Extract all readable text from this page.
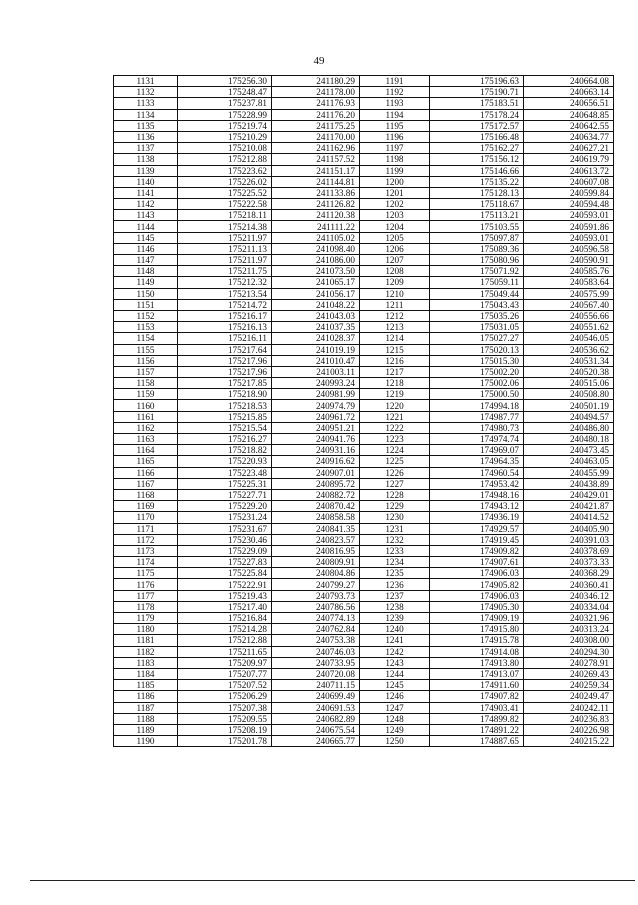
49
1131	175256.30	241180.29	1191	175196.63	240664.08
1132	175248.47	241178.00	1192	175190.71	240663.14
1133	175237.81	241176.93	1193	175183.51	240656.51
1134	175228.99	241176.20	1194	175178.24	240648.85
1135	175219.74	241175.25	1195	175172.57	240642.55
1136	175210.29	241170.00	1196	175166.48	240634.77
1137	175210.08	241162.96	1197	175162.27	240627.21
1138	175212.88	241157.52	1198	175156.12	240619.79
1139	175223.62	241151.17	1199	175146.66	240613.72
1140	175226.02	241144.81	1200	175135.22	240607.08
1141	175225.52	241133.86	1201	175128.13	240599.84
1142	175222.58	241126.82	1202	175118.67	240594.48
1143	175218.11	241120.38	1203	175113.21	240593.01
1144	175214.38	241111.22	1204	175103.55	240591.86
1145	175211.97	241105.02	1205	175097.87	240593.01
1146	175211.13	241098.40	1206	175089.36	240596.58
1147	175211.97	241086.00	1207	175080.96	240590.91
1148	175211.75	241073.50	1208	175071.92	240585.76
1149	175212.32	241065.17	1209	175059.11	240583.64
1150	175213.54	241056.17	1210	175049.44	240575.99
1151	175214.72	241048.22	1211	175043.43	240567.40
1152	175216.17	241043.03	1212	175035.26	240556.66
1153	175216.13	241037.35	1213	175031.05	240551.62
1154	175216.11	241028.37	1214	175027.27	240546.05
1155	175217.64	241019.19	1215	175020.13	240536.62
1156	175217.96	241010.47	1216	175015.30	240531.34
1157	175217.96	241003.11	1217	175002.20	240520.38
1158	175217.85	240993.24	1218	175002.06	240515.06
1159	175218.90	240981.99	1219	175000.50	240508.80
1160	175218.53	240974.79	1220	174994.18	240501.19
1161	175215.85	240961.72	1221	174987.77	240494.57
1162	175215.54	240951.21	1222	174980.73	240486.80
1163	175216.27	240941.76	1223	174974.74	240480.18
1164	175218.82	240931.16	1224	174969.07	240473.45
1165	175220.93	240916.62	1225	174964.35	240463.05
1166	175223.48	240907.01	1226	174960.54	240455.99
1167	175225.31	240895.72	1227	174953.42	240438.89
1168	175227.71	240882.72	1228	174948.16	240429.01
1169	175229.20	240870.42	1229	174943.12	240421.87
1170	175231.24	240858.58	1230	174936.19	240414.52
1171	175231.67	240841.35	1231	174929.57	240405.90
1172	175230.46	240823.57	1232	174919.45	240391.03
1173	175229.09	240816.95	1233	174909.82	240378.69
1174	175227.83	240809.91	1234	174907.61	240373.33
1175	175225.84	240804.86	1235	174906.03	240368.29
1176	175222.91	240799.27	1236	174905.82	240360.41
1177	175219.43	240793.73	1237	174906.03	240346.12
1178	175217.40	240786.56	1238	174905.30	240334.04
1179	175216.84	240774.13	1239	174909.19	240321.96
1180	175214.28	240762.84	1240	174915.80	240313.24
1181	175212.88	240753.38	1241	174915.78	240308.00
1182	175211.65	240746.03	1242	174914.08	240294.30
1183	175209.97	240733.95	1243	174913.80	240278.91
1184	175207.77	240720.08	1244	174913.07	240269.43
1185	175207.52	240711.15	1245	174911.60	240259.34
1186	175206.29	240699.49	1246	174907.82	240249.47
1187	175207.38	240691.53	1247	174903.41	240242.11
1188	175209.55	240682.89	1248	174899.82	240236.83
1189	175208.19	240675.54	1249	174891.22	240226.98
1190	175201.78	240665.77	1250	174887.65	240215.22
